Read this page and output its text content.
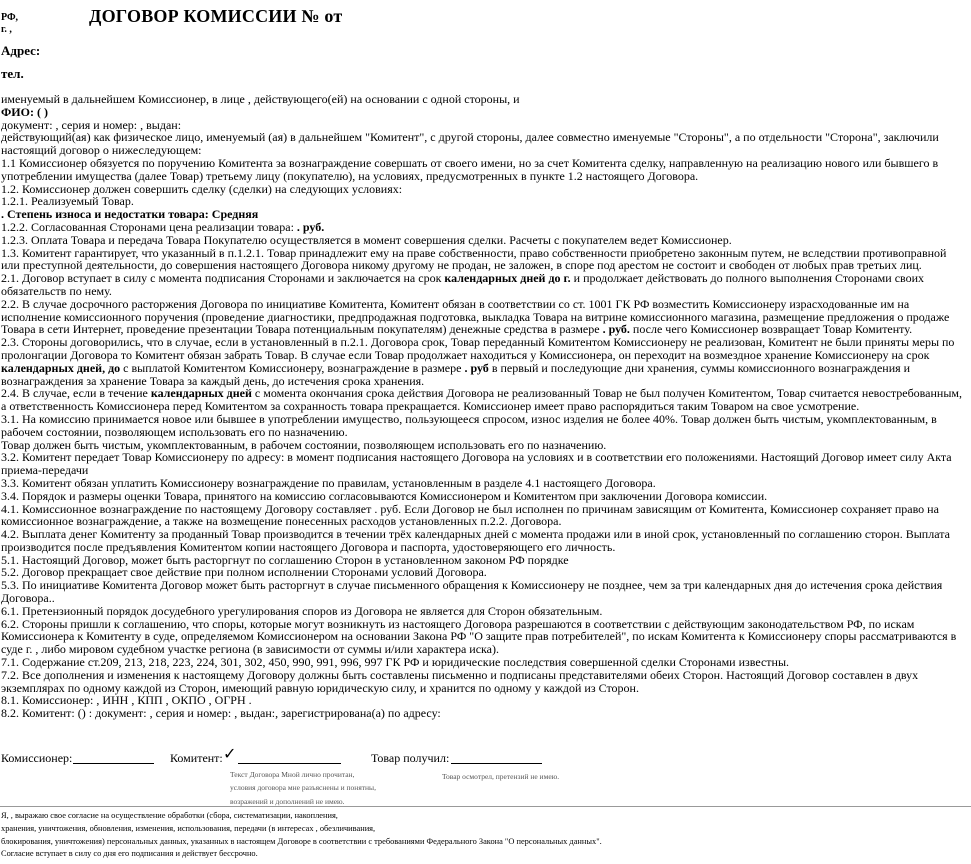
РФ,
г. ,
ДОГОВОР КОМИССИИ № от
Адрес:
тел.

именуемый в дальнейшем Комиссионер, в лице , действующего(ей) на основании с одной стороны, и

ФИО: ( )

документ: , серия и номер: , выдан:

действующий(ая) как физическое лицо, именуемый (ая) в дальнейшем "Комитент", с другой стороны, далее совместно именуемые "Стороны", а по отдельности "Сторона", заключили настоящий договор о нижеследующем:

1.1 Комиссионер обязуется по поручению Комитента за вознаграждение совершать от своего имени, но за счет Комитента сделку, направленную на реализацию нового или бывшего в употреблении имущества (далее Товар) третьему лицу (покупателю), на условиях, предусмотренных в пункте 1.2 настоящего Договора.

1.2. Комиссионер должен совершить сделку (сделки) на следующих условиях:

1.2.1. Реализуемый Товар.

. Степень износа и недостатки товара: Средняя

1.2.2. Согласованная Сторонами цена реализации товара: . руб.

1.2.3. Оплата Товара и передача Товара Покупателю осуществляется в момент совершения сделки. Расчеты с покупателем ведет Комиссионер.

1.3. Комитент гарантирует, что указанный в п.1.2.1. Товар принадлежит ему на праве собственности, право собственности приобретено законным путем, не вследствии противоправной или преступной деятельности, до совершения настоящего Договора никому другому не продан, не заложен, в споре под арестом не состоит и свободен от любых прав третьих лиц.

2.1. Договор вступает в силу с момента подписания Сторонами и заключается на срок календарных дней до г. и продолжает действовать до полного выполнения Сторонами своих обязательств по нему.

2.2. В случае досрочного расторжения Договора по инициативе Комитента, Комитент обязан в соответствии со ст. 1001 ГК РФ возместить Комиссионеру израсходованные им на исполнение комиссионного поручения (проведение диагностики, предпродажная подготовка, выкладка Товара на витрине комиссионного магазина, размещение предложения о продаже Товара в сети Интернет, проведение презентации Товара потенциальным покупателям) денежные средства в размере . руб. после чего Комиссионер возвращает Товар Комитенту.

2.3. Стороны договорились, что в случае, если в установленный в п.2.1. Договора срок, Товар переданный Комитентом Комиссионеру не реализован, Комитент не были приняты меры по пролонгации Договора то Комитент обязан забрать Товар. В случае если Товар продолжает находиться у Комиссионера, он переходит на возмездное хранение Комиссионеру на срок календарных дней, до с выплатой Комитентом Комиссионеру, вознаграждение в размере . руб в первый и последующие дни хранения, суммы комиссионного вознаграждения и вознаграждения за хранение Товара за каждый день, до истечения срока хранения.

2.4. В случае, если в течение календарных дней с момента окончания срока действия Договора не реализованный Товар не был получен Комитентом, Товар считается невостребованным, а ответственность Комиссионера перед Комитентом за сохранность товара прекращается. Комиссионер имеет право распорядиться таким Товаром на свое усмотрение.

3.1. На комиссию принимается новое или бывшее в употреблении имущество, пользующееся спросом, износ изделия не более 40%. Товар должен быть чистым, укомплектованным, в рабочем состоянии, позволяющем использовать его по назначению.

Товар должен быть чистым, укомплектованным, в рабочем состоянии, позволяющем использовать его по назначению.

3.2. Комитент передает Товар Комиссионеру по адресу: в момент подписания настоящего Договора на условиях и в соответствии его положениями. Настоящий Договор имеет силу Акта приема-передачи

3.3. Комитент обязан уплатить Комиссионеру вознаграждение по правилам, установленным в разделе 4.1 настоящего Договора.

3.4. Порядок и размеры оценки Товара, принятого на комиссию согласовываются Комиссионером и Комитентом при заключении Договора комиссии.

4.1. Комиссионное вознаграждение по настоящему Договору составляет . руб. Если Договор не был исполнен по причинам зависящим от Комитента, Комиссионер сохраняет право на комиссионное вознаграждение, а также на возмещение понесенных расходов установленных п.2.2. Договора.

4.2. Выплата денег Комитенту за проданный Товар производится в течении трёх календарных дней с момента продажи или в иной срок, установленный по соглашению сторон. Выплата производится после предъявления Комитентом копии настоящего Договора и паспорта, удостоверяющего его личность.

5.1. Настоящий Договор, может быть расторгнут по соглашению Сторон в установленном законом РФ порядке

5.2. Договор прекращает свое действие при полном исполнении Сторонами условий Договора.

5.3. По инициативе Комитента Договор может быть расторгнут в случае письменного обращения к Комиссионеру не позднее, чем за три календарных дня до истечения срока действия Договора..

6.1. Претензионный порядок досудебного урегулирования споров из Договора не является для Сторон обязательным.

6.2. Стороны пришли к соглашению, что споры, которые могут возникнуть из настоящего Договора разрешаются в соответствии с действующим законодательством РФ, по искам Комиссионера к Комитенту в суде, определяемом Комиссионером на основании Закона РФ "О защите прав потребителей", по искам Комитента к Комиссионеру споры рассматриваются в суде г. , либо мировом судебном участке региона (в зависимости от суммы и/или характера иска).

7.1. Содержание ст.209, 213, 218, 223, 224, 301, 302, 450, 990, 991, 996, 997 ГК РФ и юридические последствия совершенной сделки Сторонами известны.

7.2. Все дополнения и изменения к настоящему Договору должны быть составлены письменно и подписаны представителями обеих Сторон. Настоящий Договор составлен в двух экземплярах по одному каждой из Сторон, имеющий равную юридическую силу, и хранится по одному у каждой из Сторон.

8.1. Комиссионер: , ИНН , КПП , ОКПО , ОГРН .

8.2. Комитент: () : документ: , серия и номер: , выдан:, зарегистрирована(а) по адресу:

Комиссионер:	Комитент: ✓	Товар получил:
Текст Договора Мной лично прочитан,
условия договора мне разъяснены и понятны,
возражений и дополнений не имею.
Товар осмотрел, претензий не имею.

Я, , выражаю свое согласие на осуществление обработки (сбора, систематизации, накопления,

хранения, уничтожения, обновления, изменения, использования, передачи (в интересах , обезличивания,

блокирования, уничтожения) персональных данных, указанных в настоящем Договоре в соответствии с требованиями Федерального Закона "О персональных данных".

Согласие вступает в силу со дня его подписания и действует бессрочно.
